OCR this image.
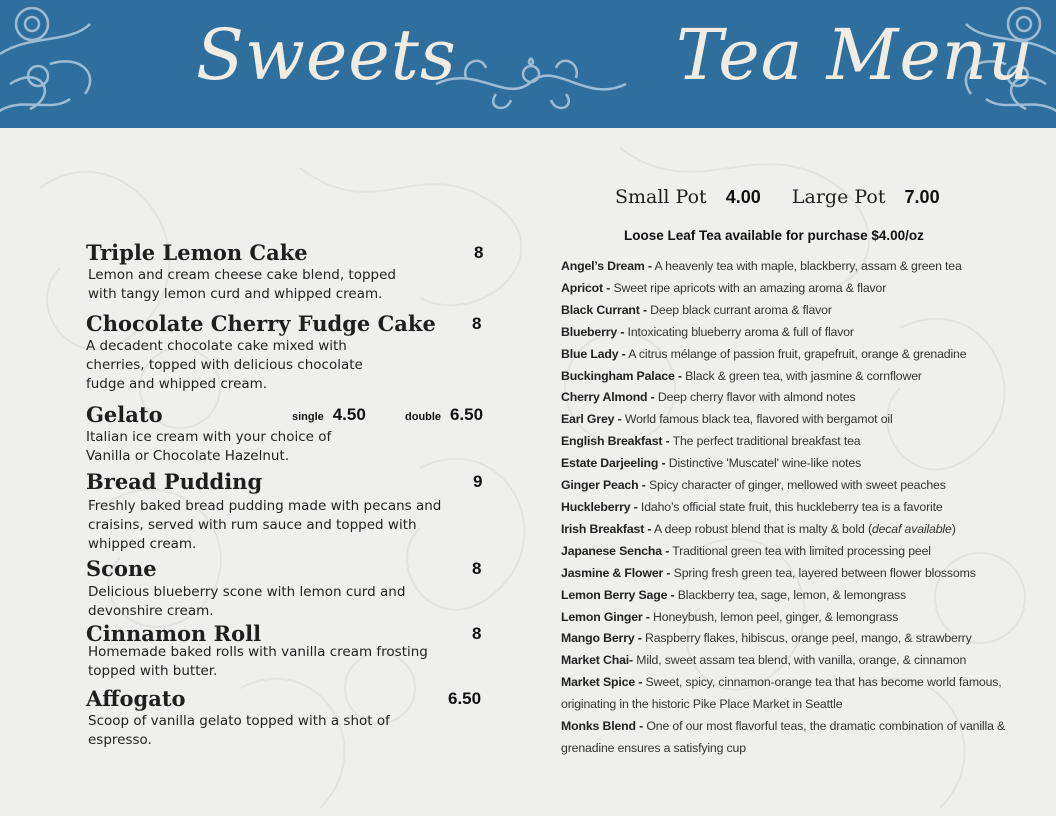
Sweets	Tea Menu
Triple Lemon Cake	8
Lemon and cream cheese cake blend, topped with tangy lemon curd and whipped cream.
Chocolate Cherry Fudge Cake	8
A decadent chocolate cake mixed with cherries, topped with delicious chocolate fudge and whipped cream.
Gelato	single 4.50	double 6.50
Italian ice cream with your choice of Vanilla or Chocolate Hazelnut.
Bread Pudding	9
Freshly baked bread pudding made with pecans and craisins, served with rum sauce and topped with whipped cream.
Scone	8
Delicious blueberry scone with lemon curd and devonshire cream.
Cinnamon Roll	8
Homemade baked rolls with vanilla cream frosting topped with butter.
Affogato	6.50
Scoop of vanilla gelato topped with a shot of espresso.
Small Pot 4.00 Large Pot 7.00
Loose Leaf Tea available for purchase $4.00/oz
Angel’s Dream - A heavenly tea with maple, blackberry, assam & green tea
Apricot - Sweet ripe apricots with an amazing aroma & flavor
Black Currant - Deep black currant aroma & flavor
Blueberry - Intoxicating blueberry aroma & full of flavor
Blue Lady - A citrus mélange of passion fruit, grapefruit, orange & grenadine
Buckingham Palace - Black & green tea, with jasmine & cornflower
Cherry Almond - Deep cherry flavor with almond notes
Earl Grey - World famous black tea, flavored with bergamot oil
English Breakfast - The perfect traditional breakfast tea
Estate Darjeeling - Distinctive 'Muscatel' wine-like notes
Ginger Peach - Spicy character of ginger, mellowed with sweet peaches
Huckleberry - Idaho’s official state fruit, this huckleberry tea is a favorite
Irish Breakfast - A deep robust blend that is malty & bold (decaf available)
Japanese Sencha - Traditional green tea with limited processing peel
Jasmine & Flower - Spring fresh green tea, layered between flower blossoms
Lemon Berry Sage - Blackberry tea, sage, lemon, & lemongrass
Lemon Ginger - Honeybush, lemon peel, ginger, & lemongrass
Mango Berry - Raspberry flakes, hibiscus, orange peel, mango, & strawberry
Market Chai- Mild, sweet assam tea blend, with vanilla, orange, & cinnamon
Market Spice - Sweet, spicy, cinnamon-orange tea that has become world famous, originating in the historic Pike Place Market in Seattle
Monks Blend - One of our most flavorful teas, the dramatic combination of vanilla & grenadine ensures a satisfying cup
